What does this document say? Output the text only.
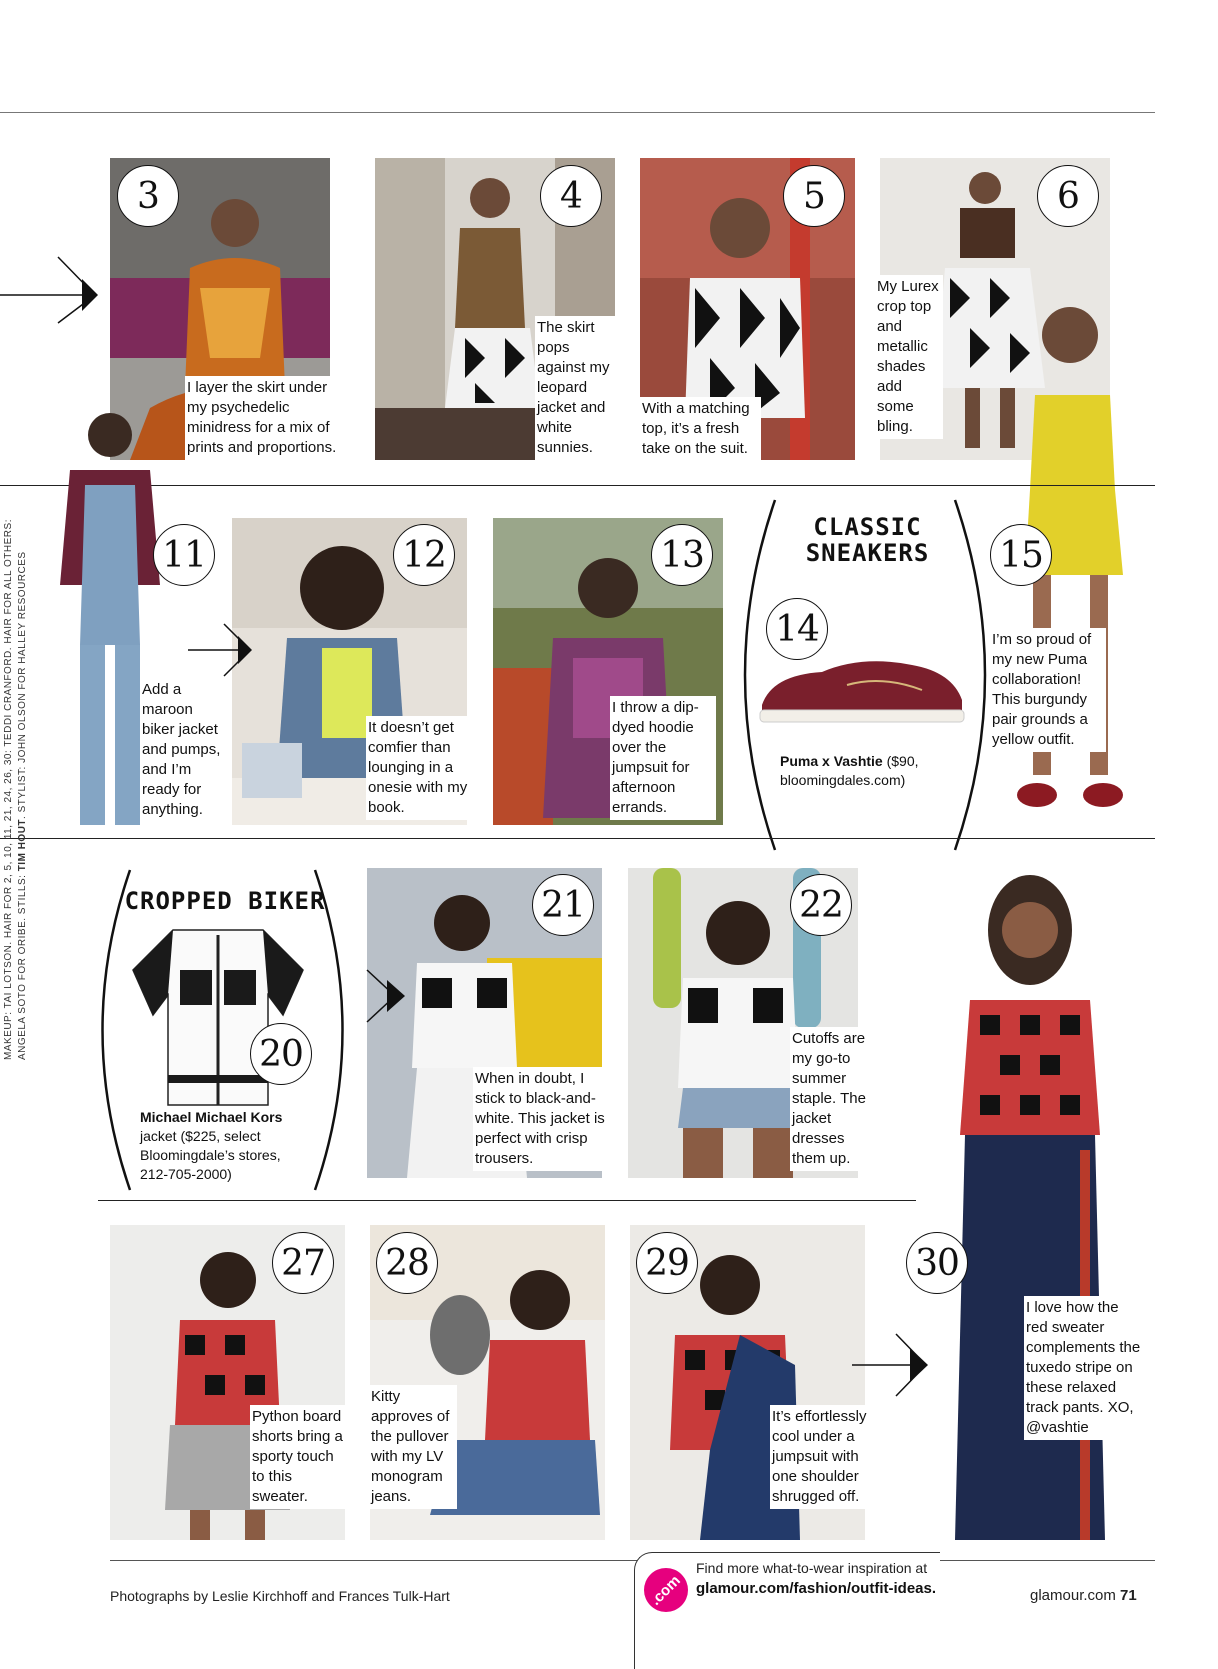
3
I layer the skirt under my psychedelic minidress for a mix of prints and proportions.
4
The skirt pops against my leopard jacket and white sunnies.
5
With a matching top, it’s a fresh take on the suit.
6
My Lurex crop top and metallic shades add some bling.
Add a maroon biker jacket and pumps, and I’m ready for anything.
11	12
It doesn’t get comfier than lounging in a onesie with my book.
13
I throw a dip-dyed hoodie over the jumpsuit for afternoon errands.
CLASSIC SNEAKERS
14
Puma x Vashtie ($90, bloomingdales.com)
15
I’m so proud of my new Puma collaboration! This burgundy pair grounds a yellow outfit.
CROPPED BIKER
20
Michael Michael Kors
jacket ($225, select Bloomingdale’s stores, 212-705-2000)
21
When in doubt, I stick to black-and-white. This jacket is perfect with crisp trousers.
22
Cutoffs are my go-to summer staple. The jacket dresses them up.
27
Python board shorts bring a sporty touch to this sweater.
28
Kitty approves of the pullover with my LV monogram jeans.
29
It’s effortlessly cool under a jumpsuit with one shoulder shrugged off.
30
I love how the red sweater complements the tuxedo stripe on these relaxed track pants. XO, @vashtie
Photographs by Leslie Kirchhoff and Frances Tulk-Hart	.com
Find more what-to-wear inspiration at
glamour.com/fashion/outfit-ideas.	glamour.com 71
MAKEUP: TAI LOTSON. HAIR FOR 2, 5, 10, 11, 21, 24, 26, 30: TEDDI CRANFORD. HAIR FOR ALL OTHERS: ANGELA SOTO FOR ORIBE. STILLS: TIM HOUT. STYLIST: JOHN OLSON FOR HALLEY RESOURCES
